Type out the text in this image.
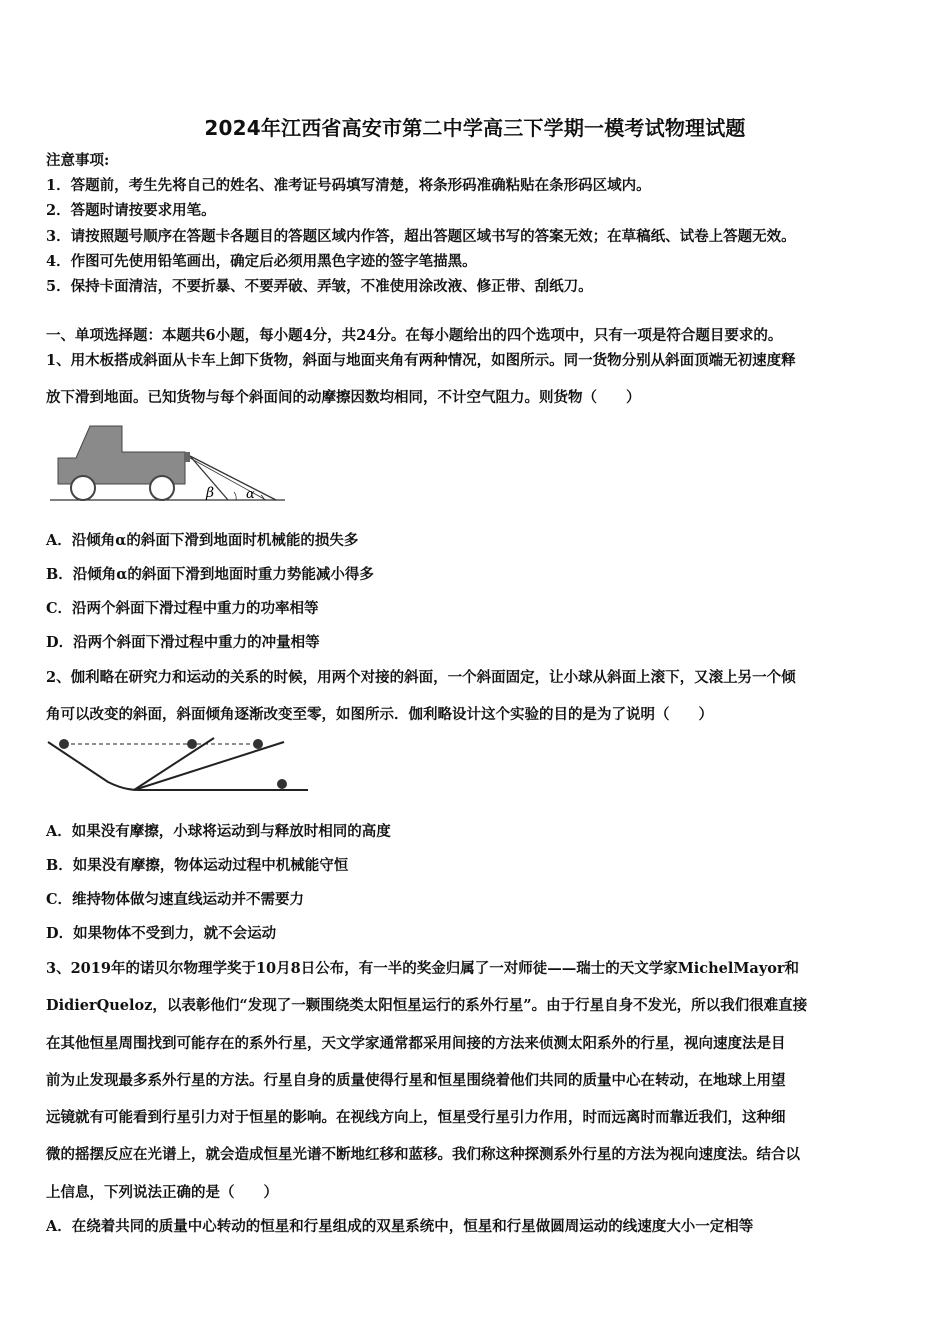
2024年江西省高安市第二中学高三下学期一模考试物理试题
注意事项:
1．答题前，考生先将自己的姓名、准考证号码填写清楚，将条形码准确粘贴在条形码区域内。
2．答题时请按要求用笔。
3．请按照题号顺序在答题卡各题目的答题区域内作答，超出答题区域书写的答案无效；在草稿纸、试卷上答题无效。
4．作图可先使用铅笔画出，确定后必须用黑色字迹的签字笔描黑。
5．保持卡面清洁，不要折暴、不要弄破、弄皱，不准使用涂改液、修正带、刮纸刀。
一、单项选择题：本题共6小题，每小题4分，共24分。在每小题给出的四个选项中，只有一项是符合题目要求的。
1、用木板搭成斜面从卡车上卸下货物，斜面与地面夹角有两种情况，如图所示。同一货物分别从斜面顶端无初速度释
放下滑到地面。已知货物与每个斜面间的动摩擦因数均相同，不计空气阻力。则货物（　　）
β α
A．沿倾角α的斜面下滑到地面时机械能的损失多
B．沿倾角α的斜面下滑到地面时重力势能减小得多
C．沿两个斜面下滑过程中重力的功率相等
D．沿两个斜面下滑过程中重力的冲量相等
2、伽利略在研究力和运动的关系的时候，用两个对接的斜面，一个斜面固定，让小球从斜面上滚下，又滚上另一个倾
角可以改变的斜面，斜面倾角逐渐改变至零，如图所示．伽利略设计这个实验的目的是为了说明（　　）
A．如果没有摩擦，小球将运动到与释放时相同的高度
B．如果没有摩擦，物体运动过程中机械能守恒
C．维持物体做匀速直线运动并不需要力
D．如果物体不受到力，就不会运动
3、2019年的诺贝尔物理学奖于10月8日公布，有一半的奖金归属了一对师徒——瑞士的天文学家MichelMayor和
DidierQueloz，以表彰他们“发现了一颗围绕类太阳恒星运行的系外行星”。由于行星自身不发光，所以我们很难直接
在其他恒星周围找到可能存在的系外行星，天文学家通常都采用间接的方法来侦测太阳系外的行星，视向速度法是目
前为止发现最多系外行星的方法。行星自身的质量使得行星和恒星围绕着他们共同的质量中心在转动，在地球上用望
远镜就有可能看到行星引力对于恒星的影响。在视线方向上，恒星受行星引力作用，时而远离时而靠近我们，这种细
微的摇摆反应在光谱上，就会造成恒星光谱不断地红移和蓝移。我们称这种探测系外行星的方法为视向速度法。结合以
上信息，下列说法正确的是（　　）
A．在绕着共同的质量中心转动的恒星和行星组成的双星系统中，恒星和行星做圆周运动的线速度大小一定相等
